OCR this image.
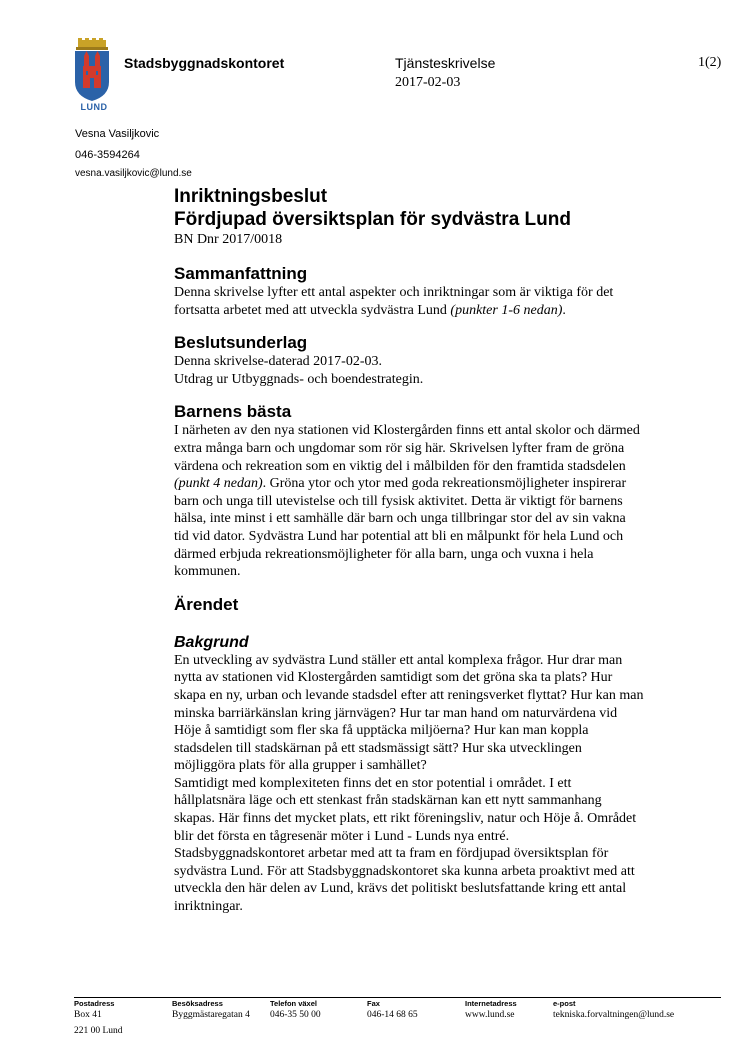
LUND
Stadsbyggnadskontoret	Tjänsteskrivelse
2017-02-03
1(2)
Vesna Vasiljkovic
046-3594264
vesna.vasiljkovic@lund.se
Inriktningsbeslut
Fördjupad översiktsplan för sydvästra Lund
BN Dnr 2017/0018
Sammanfattning

Denna skrivelse lyfter ett antal aspekter och inriktningar som är viktiga för det fortsatta arbetet med att utveckla sydvästra Lund (punkter 1-6 nedan).

Beslutsunderlag

Denna skrivelse-daterad 2017-02-03.

Utdrag ur Utbyggnads- och boendestrategin.

Barnens bästa

I närheten av den nya stationen vid Klostergården finns ett antal skolor och därmed extra många barn och ungdomar som rör sig här. Skrivelsen lyfter fram de gröna värdena och rekreation som en viktig del i målbilden för den framtida stadsdelen (punkt 4 nedan). Gröna ytor och ytor med goda rekreationsmöjligheter inspirerar barn och unga till utevistelse och till fysisk aktivitet. Detta är viktigt för barnens hälsa, inte minst i ett samhälle där barn och unga tillbringar stor del av sin vakna tid vid dator. Sydvästra Lund har potential att bli en målpunkt för hela Lund och därmed erbjuda rekreationsmöjligheter för alla barn, unga och vuxna i hela kommunen.

Ärendet
Bakgrund

En utveckling av sydvästra Lund ställer ett antal komplexa frågor. Hur drar man nytta av stationen vid Klostergården samtidigt som det gröna ska ta plats? Hur skapa en ny, urban och levande stadsdel efter att reningsverket flyttat? Hur kan man minska barriärkänslan kring järnvägen? Hur tar man hand om naturvärdena vid Höje å samtidigt som fler ska få upptäcka miljöerna? Hur kan man koppla stadsdelen till stadskärnan på ett stadsmässigt sätt? Hur ska utvecklingen möjliggöra plats för alla grupper i samhället?

Samtidigt med komplexiteten finns det en stor potential i området. I ett hållplatsnära läge och ett stenkast från stadskärnan kan ett nytt sammanhang skapas. Här finns det mycket plats, ett rikt föreningsliv, natur och Höje å. Området blir det första en tågresenär möter i Lund - Lunds nya entré.

Stadsbyggnadskontoret arbetar med att ta fram en fördjupad översiktsplan för sydvästra Lund. För att Stadsbyggnadskontoret ska kunna arbeta proaktivt med att utveckla den här delen av Lund, krävs det politiskt beslutsfattande kring ett antal inriktningar.

Postadress
Box 41
221 00 Lund
Besöksadress
Byggmästaregatan 4
Telefon växel
046-35 50 00
Fax
046-14 68 65
Internetadress
www.lund.se
e-post
tekniska.forvaltningen@lund.se
